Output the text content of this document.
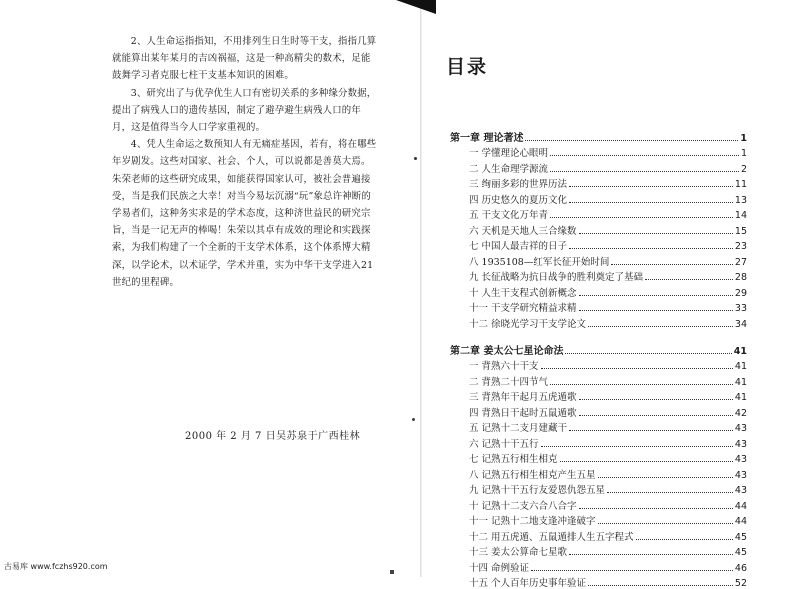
2、人生命运指指知，不用排列生日生时等干支，指指几算就能算出某年某月的吉凶祸福，这是一种高精尖的数术，足能鼓舞学习者克服七柱干支基本知识的困难。

3、研究出了与优孕优生人口有密切关系的多种缘分数据，提出了病残人口的遗传基因，制定了避孕避生病残人口的年月，这是值得当今人口学家重视的。

4、凭人生命运之数预知人有无痛症基因，若有，将在哪些年岁剧发。这些对国家、社会、个人，可以说都是善莫大焉。

朱荣老师的这些研究成果，如能获得国家认可，被社会普遍接受，当是我们民族之大幸！对当今易坛沉溺“玩”象总许神断的学易者们，这种务实求是的学术态度，这种济世益民的研究宗旨，当是一记无声的棒喝！朱荣以其卓有成效的理论和实践探索，为我们构建了一个全新的干支学术体系，这个体系博大精深，以学论术，以术证学，学术并重，实为中华干支学进入21世纪的里程碑。

2000 年 2 月 7 日吴苏泉于广西桂林
古易库 www.fczhs920.com
目录
第一章 理论著述	1
一 学懂理论心眼明	1
二 人生命理学源流	2
三 绚丽多彩的世界历法	11
四 历史悠久的夏历文化	13
五 干支文化万年青	14
六 天机是天地人三合缘数	15
七 中国人最吉祥的日子	23
八 1935108—红军长征开始时间	27
九 长征战略为抗日战争的胜利奠定了基础	28
十 人生干支程式创新概念	29
十一 干支学研究精益求精	33
十二 徐晓光学习干支学论文	34
第二章 姜太公七星论命法	41
一 背熟六十干支	41
二 背熟二十四节气	41
三 背熟年干起月五虎遁歌	41
四 背熟日干起时五鼠遁歌	42
五 记熟十二支月建藏干	43
六 记熟十干五行	43
七 记熟五行相生相克	43
八 记熟五行相生相克产生五星	43
九 记熟十干五行友爱恩仇怨五星	43
十 记熟十二支六合八合字	44
十一 记熟十二地支逢冲逢破字	44
十二 用五虎遁、五鼠遁排人生五字程式	45
十三 姜太公算命七星歌	45
十四 命例验证	46
十五 个人百年历史事年验证	52
